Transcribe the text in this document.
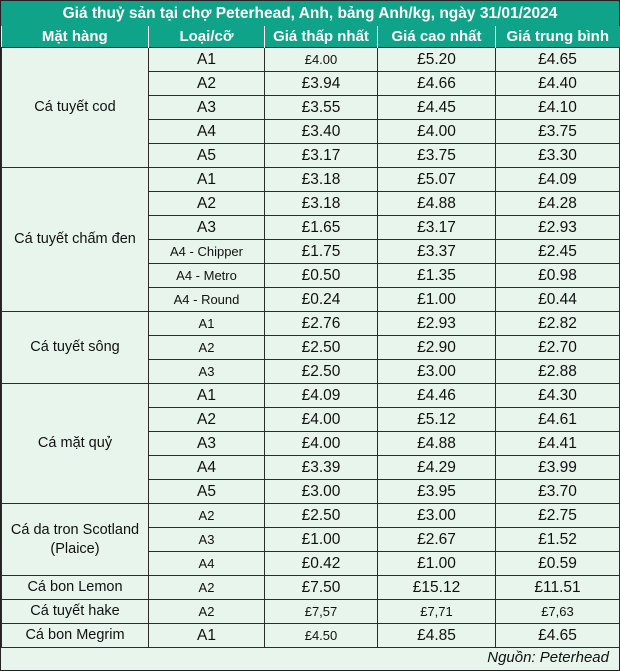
Giá thuỷ sản tại chợ Peterhead, Anh, bảng Anh/kg, ngày 31/01/2024
Mặt hàng	Loại/cỡ	Giá thấp nhất	Giá cao nhất	Giá trung bình
Cá tuyết cod	A1	£4.00	£5.20	£4.65
	A2	£3.94	£4.66	£4.40
	A3	£3.55	£4.45	£4.10
	A4	£3.40	£4.00	£3.75
	A5	£3.17	£3.75	£3.30
Cá tuyết chấm đen	A1	£3.18	£5.07	£4.09
	A2	£3.18	£4.88	£4.28
	A3	£1.65	£3.17	£2.93
	A4 - Chipper	£1.75	£3.37	£2.45
	A4 - Metro	£0.50	£1.35	£0.98
	A4 - Round	£0.24	£1.00	£0.44
Cá tuyết sông	A1	£2.76	£2.93	£2.82
	A2	£2.50	£2.90	£2.70
	A3	£2.50	£3.00	£2.88
Cá mặt quỷ	A1	£4.09	£4.46	£4.30
	A2	£4.00	£5.12	£4.61
	A3	£4.00	£4.88	£4.41
	A4	£3.39	£4.29	£3.99
	A5	£3.00	£3.95	£3.70
Cá da tron Scotland (Plaice)	A2	£2.50	£3.00	£2.75
	A3	£1.00	£2.67	£1.52
	A4	£0.42	£1.00	£0.59
Cá bon Lemon	A2	£7.50	£15.12	£11.51
Cá tuyết hake	A2	£7,57	£7,71	£7,63
Cá bon Megrim	A1	£4.50	£4.85	£4.65
Nguồn: Peterhead
